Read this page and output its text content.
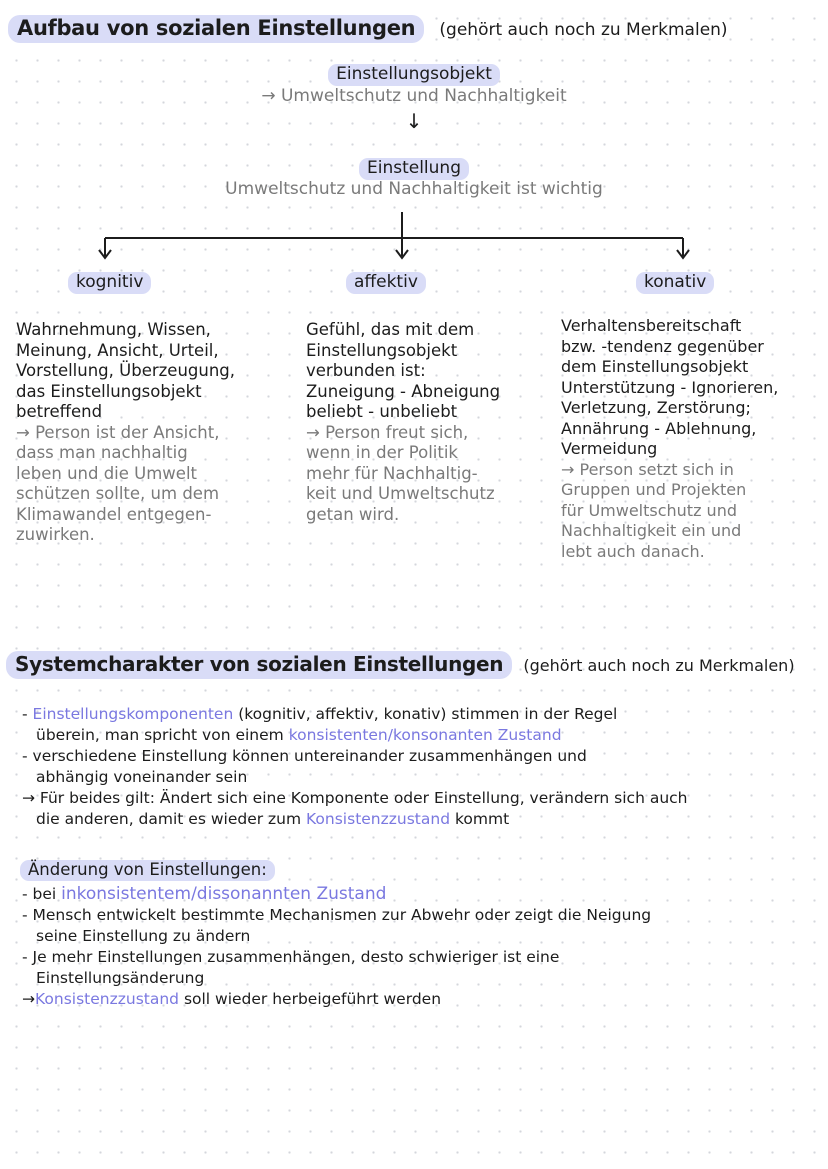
Aufbau von sozialen Einstellungen (gehört auch noch zu Merkmalen)
Einstellungsobjekt
→ Umweltschutz und Nachhaltigkeit
↓
Einstellung
Umweltschutz und Nachhaltigkeit ist wichtig
kognitiv	affektiv	konativ

Wahrnehmung, Wissen,

Meinung, Ansicht, Urteil,

Vorstellung, Überzeugung,

das Einstellungsobjekt

betreffend

→ Person ist der Ansicht,

dass man nachhaltig

leben und die Umwelt

schützen sollte, um dem

Klimawandel entgegen-

zuwirken.

Gefühl, das mit dem

Einstellungsobjekt

verbunden ist:

Zuneigung - Abneigung

beliebt - unbeliebt

→ Person freut sich,

wenn in der Politik

mehr für Nachhaltig-

keit und Umweltschutz

getan wird.

Verhaltensbereitschaft

bzw. -tendenz gegenüber

dem Einstellungsobjekt

Unterstützung - Ignorieren,

Verletzung, Zerstörung;

Annährung - Ablehnung,

Vermeidung

→ Person setzt sich in

Gruppen und Projekten

für Umweltschutz und

Nachhaltigkeit ein und

lebt auch danach.

Systemcharakter von sozialen Einstellungen (gehört auch noch zu Merkmalen)
- Einstellungskomponenten (kognitiv, affektiv, konativ) stimmen in der Regel
überein, man spricht von einem konsistenten/konsonanten Zustand
- verschiedene Einstellung können untereinander zusammenhängen und
abhängig voneinander sein
→ Für beides gilt: Ändert sich eine Komponente oder Einstellung, verändern sich auch
die anderen, damit es wieder zum Konsistenzzustand kommt
Änderung von Einstellungen:
- bei inkonsistentem/dissonannten Zustand
- Mensch entwickelt bestimmte Mechanismen zur Abwehr oder zeigt die Neigung
seine Einstellung zu ändern
- Je mehr Einstellungen zusammenhängen, desto schwieriger ist eine
Einstellungsänderung
→Konsistenzzustand soll wieder herbeigeführt werden
